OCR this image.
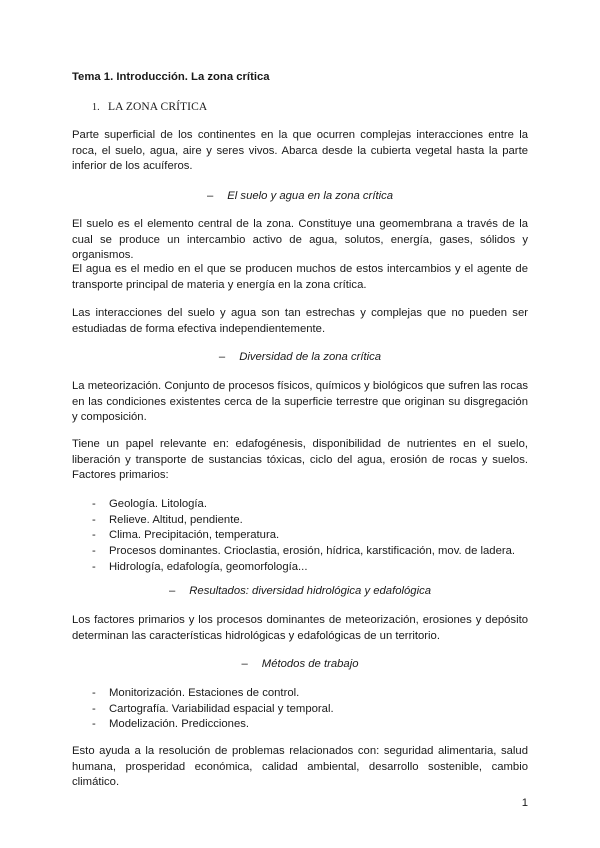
Tema 1. Introducción. La zona crítica
1. LA ZONA CRÍTICA
Parte superficial de los continentes en la que ocurren complejas interacciones entre la roca, el suelo, agua, aire y seres vivos. Abarca desde la cubierta vegetal hasta la parte inferior de los acuíferos.
– El suelo y agua en la zona crítica
El suelo es el elemento central de la zona. Constituye una geomembrana a través de la cual se produce un intercambio activo de agua, solutos, energía, gases, sólidos y organismos.
El agua es el medio en el que se producen muchos de estos intercambios y el agente de transporte principal de materia y energía en la zona crítica.
Las interacciones del suelo y agua son tan estrechas y complejas que no pueden ser estudiadas de forma efectiva independientemente.
– Diversidad de la zona crítica
La meteorización. Conjunto de procesos físicos, químicos y biológicos que sufren las rocas en las condiciones existentes cerca de la superficie terrestre que originan su disgregación y composición.
Tiene un papel relevante en: edafogénesis, disponibilidad de nutrientes en el suelo, liberación y transporte de sustancias tóxicas, ciclo del agua, erosión de rocas y suelos. Factores primarios:
- Geología. Litología.
- Relieve. Altitud, pendiente.
- Clima. Precipitación, temperatura.
- Procesos dominantes. Crioclastia, erosión, hídrica, karstificación, mov. de ladera.
- Hidrología, edafología, geomorfología...
– Resultados: diversidad hidrológica y edafológica
Los factores primarios y los procesos dominantes de meteorización, erosiones y depósito determinan las características hidrológicas y edafológicas de un territorio.
– Métodos de trabajo
- Monitorización. Estaciones de control.
- Cartografía. Variabilidad espacial y temporal.
- Modelización. Predicciones.
Esto ayuda a la resolución de problemas relacionados con: seguridad alimentaria, salud humana, prosperidad económica, calidad ambiental, desarrollo sostenible, cambio climático.
1
